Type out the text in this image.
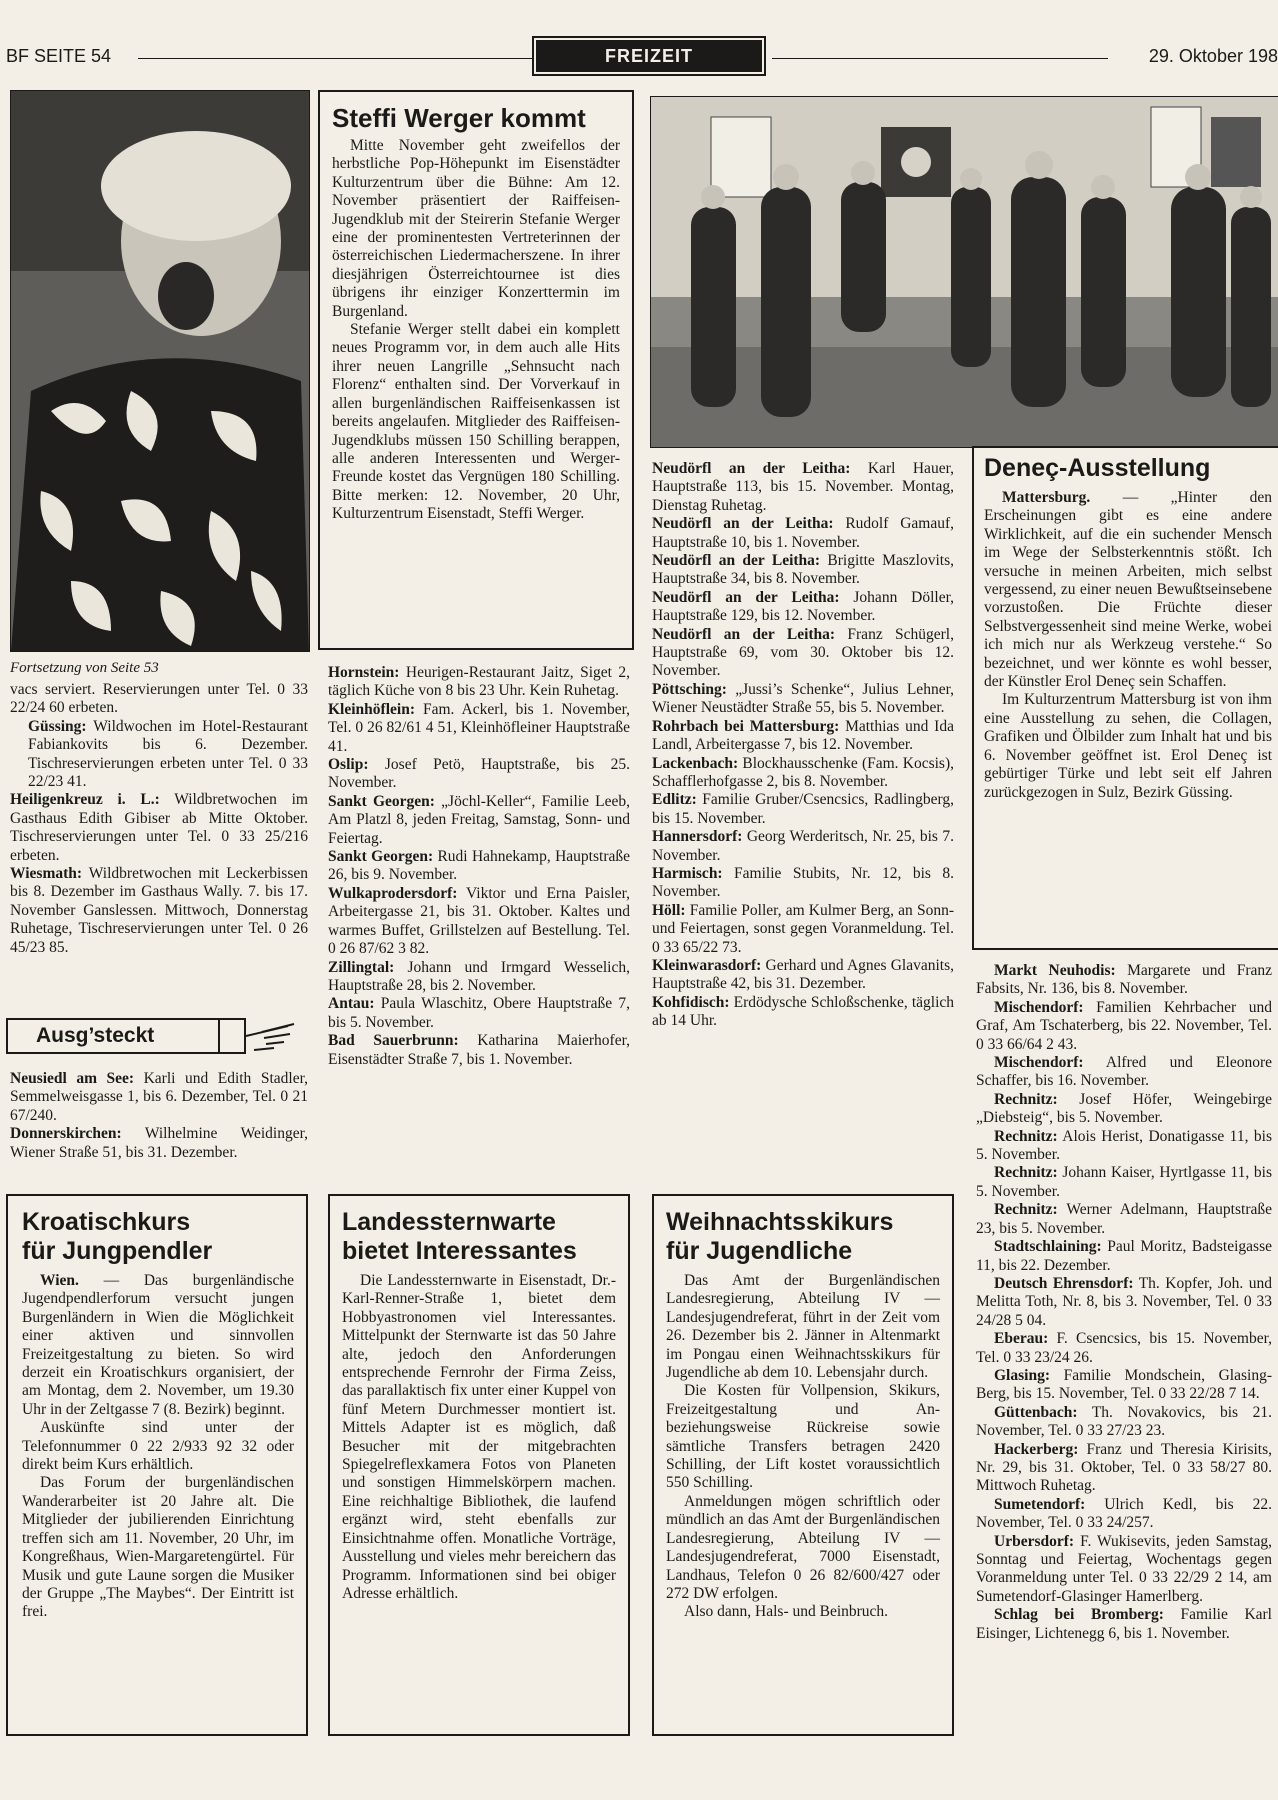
BF SEITE 54	FREIZEIT	29. Oktober 198
Steffi Werger kommt

Mitte November geht zweifellos der herbstliche Pop-Höhepunkt im Eisenstädter Kulturzentrum über die Bühne: Am 12. November präsentiert der Raiffeisen-Jugendklub mit der Steirerin Stefanie Werger eine der prominentesten Vertreterinnen der österreichischen Liedermacherszene. In ihrer diesjährigen Österreichtournee ist dies übrigens ihr einziger Konzerttermin im Burgenland.

Stefanie Werger stellt dabei ein komplett neues Programm vor, in dem auch alle Hits ihrer neuen Langrille „Sehnsucht nach Florenz“ enthalten sind. Der Vorverkauf in allen burgenländischen Raiffeisenkassen ist bereits angelaufen. Mitglieder des Raiffeisen-Jugendklubs müssen 150 Schilling berappen, alle anderen Interessenten und Werger-Freunde kostet das Vergnügen 180 Schilling. Bitte merken: 12. November, 20 Uhr, Kulturzentrum Eisenstadt, Steffi Werger.

Fortsetzung von Seite 53

vacs serviert. Reservierungen unter Tel. 0 33 22/24 60 erbeten.

Güssing: Wildwochen im Hotel-Restaurant Fabiankovits bis 6. Dezember. Tischreservierungen erbeten unter Tel. 0 33 22/23 41.

Heiligenkreuz i. L.: Wildbretwochen im Gasthaus Edith Gibiser ab Mitte Oktober. Tischreservierungen unter Tel. 0 33 25/216 erbeten.

Wiesmath: Wildbretwochen mit Leckerbissen bis 8. Dezember im Gasthaus Wally. 7. bis 17. November Ganslessen. Mittwoch, Donnerstag Ruhetage, Tischreservierungen unter Tel. 0 26 45/23 85.

Ausg’steckt

Neusiedl am See: Karli und Edith Stadler, Semmelweisgasse 1, bis 6. Dezember, Tel. 0 21 67/240.

Donnerskirchen: Wilhelmine Weidinger, Wiener Straße 51, bis 31. Dezember.

Hornstein: Heurigen-Restaurant Jaitz, Siget 2, täglich Küche von 8 bis 23 Uhr. Kein Ruhetag.

Kleinhöflein: Fam. Ackerl, bis 1. November, Tel. 0 26 82/61 4 51, Kleinhöfleiner Hauptstraße 41.

Oslip: Josef Petö, Hauptstraße, bis 25. November.

Sankt Georgen: „Jöchl-Keller“, Familie Leeb, Am Platzl 8, jeden Freitag, Samstag, Sonn- und Feiertag.

Sankt Georgen: Rudi Hahnekamp, Hauptstraße 26, bis 9. November.

Wulkaprodersdorf: Viktor und Erna Paisler, Arbeitergasse 21, bis 31. Oktober. Kaltes und warmes Buffet, Grillstelzen auf Bestellung. Tel. 0 26 87/62 3 82.

Zillingtal: Johann und Irmgard Wesselich, Hauptstraße 28, bis 2. November.

Antau: Paula Wlaschitz, Obere Hauptstraße 7, bis 5. November.

Bad Sauerbrunn: Katharina Maierhofer, Eisenstädter Straße 7, bis 1. November.

Neudörfl an der Leitha: Karl Hauer, Hauptstraße 113, bis 15. November. Montag, Dienstag Ruhetag.

Neudörfl an der Leitha: Rudolf Gamauf, Hauptstraße 10, bis 1. November.

Neudörfl an der Leitha: Brigitte Maszlovits, Hauptstraße 34, bis 8. November.

Neudörfl an der Leitha: Johann Döller, Hauptstraße 129, bis 12. November.

Neudörfl an der Leitha: Franz Schügerl, Hauptstraße 69, vom 30. Oktober bis 12. November.

Pöttsching: „Jussi’s Schenke“, Julius Lehner, Wiener Neustädter Straße 55, bis 5. November.

Rohrbach bei Mattersburg: Matthias und Ida Landl, Arbeitergasse 7, bis 12. November.

Lackenbach: Blockhausschenke (Fam. Kocsis), Schafflerhofgasse 2, bis 8. November.

Edlitz: Familie Gruber/Csencsics, Radlingberg, bis 15. November.

Hannersdorf: Georg Werderitsch, Nr. 25, bis 7. November.

Harmisch: Familie Stubits, Nr. 12, bis 8. November.

Höll: Familie Poller, am Kulmer Berg, an Sonn- und Feiertagen, sonst gegen Voranmeldung. Tel. 0 33 65/22 73.

Kleinwarasdorf: Gerhard und Agnes Glavanits, Hauptstraße 42, bis 31. Dezember.

Kohfidisch: Erdödysche Schloßschenke, täglich ab 14 Uhr.

Deneç-Ausstellung

Mattersburg. — „Hinter den Erscheinungen gibt es eine andere Wirklichkeit, auf die ein suchender Mensch im Wege der Selbsterkenntnis stößt. Ich versuche in meinen Arbeiten, mich selbst vergessend, zu einer neuen Bewußtseinsebene vorzustoßen. Die Früchte dieser Selbstvergessenheit sind meine Werke, wobei ich mich nur als Werkzeug verstehe.“ So bezeichnet, und wer könnte es wohl besser, der Künstler Erol Deneç sein Schaffen.

Im Kulturzentrum Mattersburg ist von ihm eine Ausstellung zu sehen, die Collagen, Grafiken und Ölbilder zum Inhalt hat und bis 6. November geöffnet ist. Erol Deneç ist gebürtiger Türke und lebt seit elf Jahren zurückgezogen in Sulz, Bezirk Güssing.

Markt Neuhodis: Margarete und Franz Fabsits, Nr. 136, bis 8. November.

Mischendorf: Familien Kehrbacher und Graf, Am Tschaterberg, bis 22. November, Tel. 0 33 66/64 2 43.

Mischendorf: Alfred und Eleonore Schaffer, bis 16. November.

Rechnitz: Josef Höfer, Weingebirge „Diebsteig“, bis 5. November.

Rechnitz: Alois Herist, Donatigasse 11, bis 5. November.

Rechnitz: Johann Kaiser, Hyrtlgasse 11, bis 5. November.

Rechnitz: Werner Adelmann, Hauptstraße 23, bis 5. November.

Stadtschlaining: Paul Moritz, Badsteigasse 11, bis 22. Dezember.

Deutsch Ehrensdorf: Th. Kopfer, Joh. und Melitta Toth, Nr. 8, bis 3. November, Tel. 0 33 24/28 5 04.

Eberau: F. Csencsics, bis 15. November, Tel. 0 33 23/24 26.

Glasing: Familie Mondschein, Glasing-Berg, bis 15. November, Tel. 0 33 22/28 7 14.

Güttenbach: Th. Novakovics, bis 21. November, Tel. 0 33 27/23 23.

Hackerberg: Franz und Theresia Kirisits, Nr. 29, bis 31. Oktober, Tel. 0 33 58/27 80. Mittwoch Ruhetag.

Sumetendorf: Ulrich Kedl, bis 22. November, Tel. 0 33 24/257.

Urbersdorf: F. Wukisevits, jeden Samstag, Sonntag und Feiertag, Wochentags gegen Voranmeldung unter Tel. 0 33 22/29 2 14, am Sumetendorf-Glasinger Hamerlberg.

Schlag bei Bromberg: Familie Karl Eisinger, Lichtenegg 6, bis 1. November.

Kroatischkurs
für Jungpendler

Wien. — Das burgenländische Jugendpendlerforum versucht jungen Burgenländern in Wien die Möglichkeit einer aktiven und sinnvollen Freizeitgestaltung zu bieten. So wird derzeit ein Kroatischkurs organisiert, der am Montag, dem 2. November, um 19.30 Uhr in der Zeltgasse 7 (8. Bezirk) beginnt.

Auskünfte sind unter der Telefonnummer 0 22 2/933 92 32 oder direkt beim Kurs erhältlich.

Das Forum der burgenländischen Wanderarbeiter ist 20 Jahre alt. Die Mitglieder der jubilierenden Einrichtung treffen sich am 11. November, 20 Uhr, im Kongreßhaus, Wien-Margaretengürtel. Für Musik und gute Laune sorgen die Musiker der Gruppe „The Maybes“. Der Eintritt ist frei.

Landessternwarte
bietet Interessantes

Die Landessternwarte in Eisenstadt, Dr.-Karl-Renner-Straße 1, bietet dem Hobbyastronomen viel Interessantes. Mittelpunkt der Sternwarte ist das 50 Jahre alte, jedoch den Anforderungen entsprechende Fernrohr der Firma Zeiss, das parallaktisch fix unter einer Kuppel von fünf Metern Durchmesser montiert ist. Mittels Adapter ist es möglich, daß Besucher mit der mitgebrachten Spiegelreflexkamera Fotos von Planeten und sonstigen Himmelskörpern machen. Eine reichhaltige Bibliothek, die laufend ergänzt wird, steht ebenfalls zur Einsichtnahme offen. Monatliche Vorträge, Ausstellung und vieles mehr bereichern das Programm. Informationen sind bei obiger Adresse erhältlich.

Weihnachtsskikurs
für Jugendliche

Das Amt der Burgenländischen Landesregierung, Abteilung IV — Landesjugendreferat, führt in der Zeit vom 26. Dezember bis 2. Jänner in Altenmarkt im Pongau einen Weihnachtsskikurs für Jugendliche ab dem 10. Lebensjahr durch.

Die Kosten für Vollpension, Skikurs, Freizeitgestaltung und An- beziehungsweise Rückreise sowie sämtliche Transfers betragen 2420 Schilling, der Lift kostet voraussichtlich 550 Schilling.

Anmeldungen mögen schriftlich oder mündlich an das Amt der Burgenländischen Landesregierung, Abteilung IV — Landesjugendreferat, 7000 Eisenstadt, Landhaus, Telefon 0 26 82/600/427 oder 272 DW erfolgen.

Also dann, Hals- und Beinbruch.
